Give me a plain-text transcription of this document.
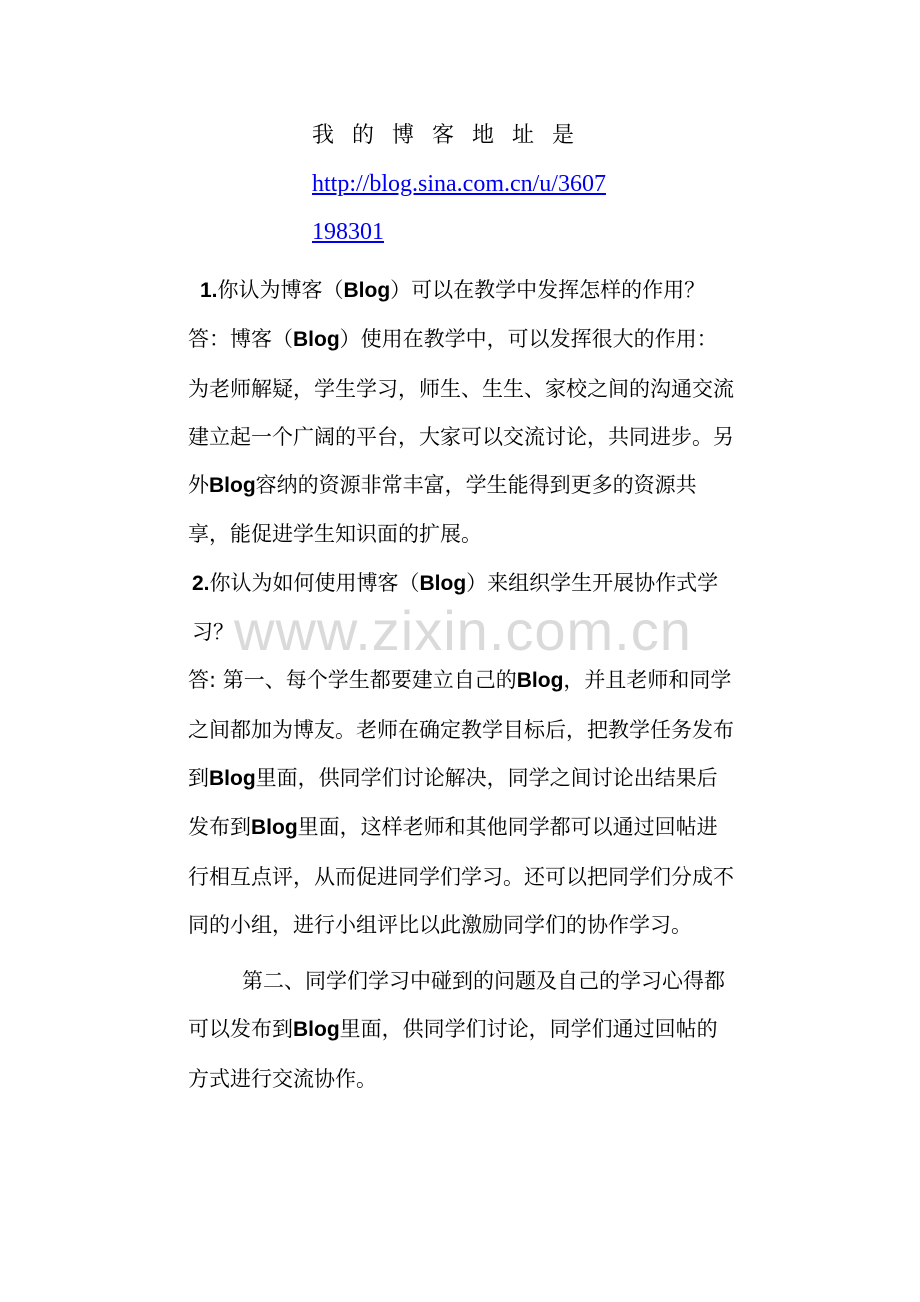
我的博客地址是
http://blog.sina.com.cn/u/3607198301

1.你认为博客（Blog）可以在教学中发挥怎样的作用？

答：博客（Blog）使用在教学中，可以发挥很大的作用：为老师解疑，学生学习，师生、生生、家校之间的沟通交流建立起一个广阔的平台，大家可以交流讨论，共同进步。另外Blog容纳的资源非常丰富，学生能得到更多的资源共享，能促进学生知识面的扩展。

2.你认为如何使用博客（Blog）来组织学生开展协作式学习？

答: 第一、每个学生都要建立自己的Blog，并且老师和同学之间都加为博友。老师在确定教学目标后，把教学任务发布到Blog里面，供同学们讨论解决，同学之间讨论出结果后发布到Blog里面，这样老师和其他同学都可以通过回帖进行相互点评，从而促进同学们学习。还可以把同学们分成不同的小组，进行小组评比以此激励同学们的协作学习。

第二、同学们学习中碰到的问题及自己的学习心得都可以发布到Blog里面，供同学们讨论，同学们通过回帖的方式进行交流协作。

www.zixin.com.cn
